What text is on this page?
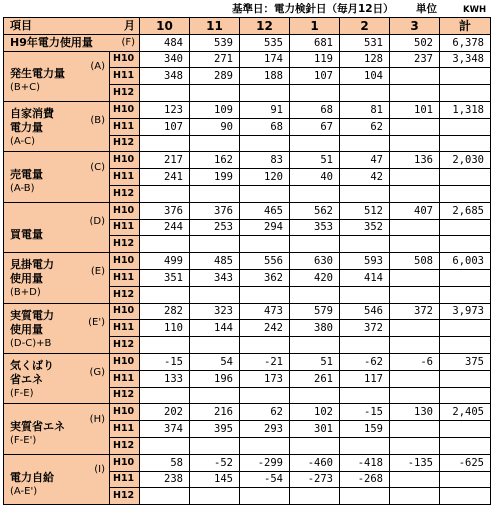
基準日：電力検針日（毎月12日） 単位	KWH
項目 月		10	11	12	1	2	3	計
H9年電力使用量 (F)		484	539	535	681	531	502	6,378

発生電力量
(B+C)
(A)	H10	340	271	174	119	128	237	3,348
	H11	348	289	188	107	104		
	H12							

自家消費
電力量
(A-C)
(B)	H10	123	109	91	68	81	101	1,318
	H11	107	90	68	67	62		
	H12							

売電量
(A-B)
(C)	H10	217	162	83	51	47	136	2,030
	H11	241	199	120	40	42		
	H12							

買電量
(D)	H10	376	376	465	562	512	407	2,685
	H11	244	253	294	353	352		
	H12							

見掛電力
使用量
(B+D)
(E)	H10	499	485	556	630	593	508	6,003
	H11	351	343	362	420	414		
	H12							

実質電力
使用量
(D-C)+B
(E')	H10	282	323	473	579	546	372	3,973
	H11	110	144	242	380	372		
	H12							

気くばり
省エネ
(F-E)
(G)	H10	-15	54	-21	51	-62	-6	375
	H11	133	196	173	261	117		
	H12							

実質省エネ
(F-E')
(H)	H10	202	216	62	102	-15	130	2,405
	H11	374	395	293	301	159		
	H12							

電力自給
(A-E')
(I)	H10	58	-52	-299	-460	-418	-135	-625
	H11	238	145	-54	-273	-268		
	H12							
